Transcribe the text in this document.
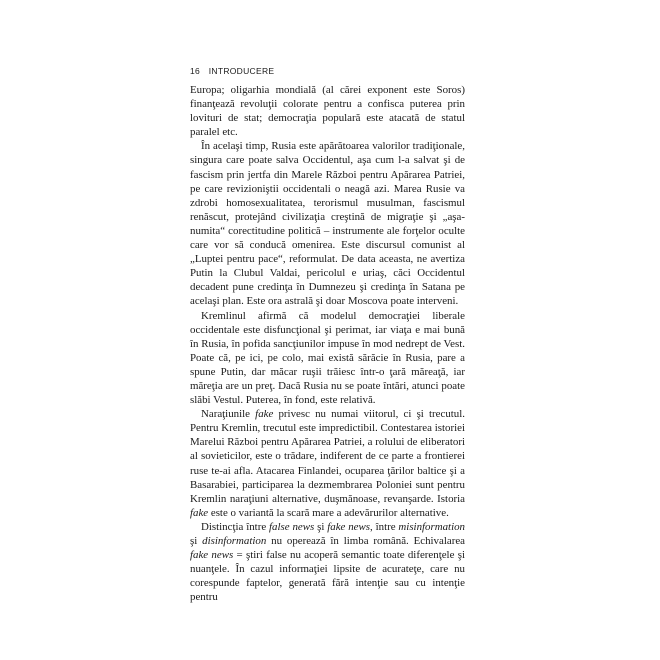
16 INTRODUCERE

Europa; oligarhia mondială (al cărei exponent este Soros) finanţează revoluţii colorate pentru a confisca puterea prin lovituri de stat; democraţia populară este atacată de statul paralel etc.

În acelaşi timp, Rusia este apărătoarea valorilor tradiţionale, singura care poate salva Occidentul, aşa cum l-a salvat şi de fascism prin jertfa din Marele Război pentru Apărarea Patriei, pe care revizioniştii occidentali o neagă azi. Marea Rusie va zdrobi homosexualitatea, terorismul musulman, fascismul renăscut, protejând civilizaţia creştină de migraţie şi „aşa-numita“ corectitudine politică – instrumente ale forţelor oculte care vor să conducă omenirea. Este discursul comunist al „Luptei pentru pace“, reformulat. De data aceasta, ne avertiza Putin la Clubul Valdai, pericolul e uriaş, căci Occidentul decadent pune credinţa în Dumnezeu şi credinţa în Satana pe acelaşi plan. Este ora astrală şi doar Moscova poate interveni.

Kremlinul afirmă că modelul democraţiei liberale occidentale este disfuncţional şi perimat, iar viaţa e mai bună în Rusia, în pofida sancţiunilor impuse în mod nedrept de Vest. Poate că, pe ici, pe colo, mai există sărăcie în Rusia, pare a spune Putin, dar măcar ruşii trăiesc într-o ţară măreaţă, iar măreţia are un preţ. Dacă Rusia nu se poate întări, atunci poate slăbi Vestul. Puterea, în fond, este relativă.

Naraţiunile fake privesc nu numai viitorul, ci şi trecutul. Pentru Kremlin, trecutul este impredictibil. Contestarea istoriei Marelui Război pentru Apărarea Patriei, a rolului de eliberatori al sovieticilor, este o trădare, indiferent de ce parte a frontierei ruse te-ai afla. Atacarea Finlandei, ocuparea ţărilor baltice şi a Basarabiei, participarea la dezmembrarea Poloniei sunt pentru Kremlin naraţiuni alternative, duşmănoase, revanşarde. Istoria fake este o variantă la scară mare a adevărurilor alternative.

Distincţia între false news şi fake news, între misinformation şi disinformation nu operează în limba română. Echivalarea fake news = ştiri false nu acoperă semantic toate diferenţele şi nuanţele. În cazul informaţiei lipsite de acurateţe, care nu corespunde faptelor, generată fără intenţie sau cu intenţie pentru
